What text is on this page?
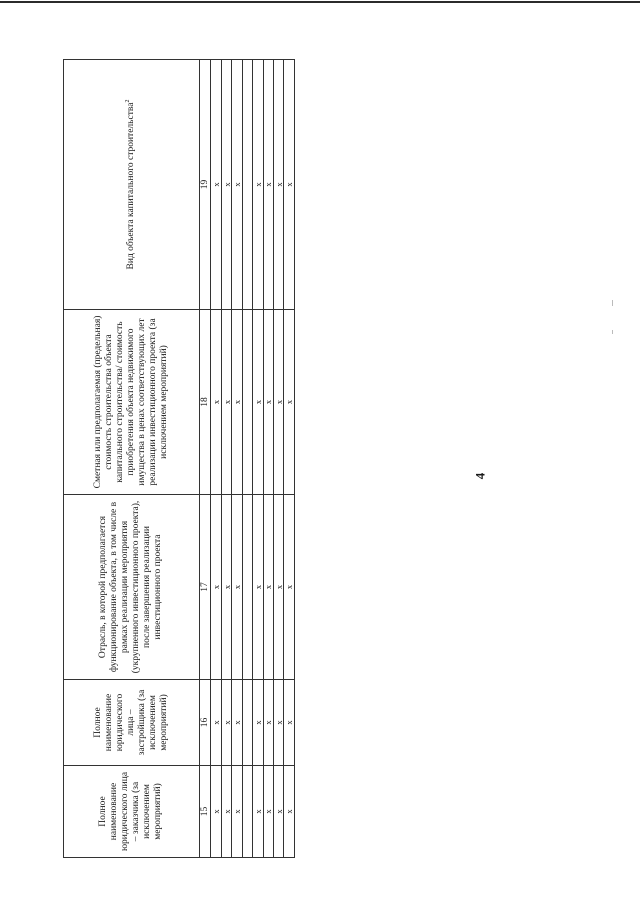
4
Полное наименование юридического лица – заказчика (за исключением мероприятий)	Полное наименование юридического лица – застройщика (за исключением мероприятий)	Отрасль, в которой предполагается функционирование объекта, в том числе в рамках реализации мероприятия (укрупненного инвестиционного проекта), после завершения реализации инвестиционного проекта	Сметная или предполагаемая (предельная) стоимость строительства объекта капитального строительства/ стоимость приобретения объекта недвижимого имущества в ценах соответствующих лет реализации инвестиционного проекта (за исключением мероприятий)	Вид объекта капитального строительства$^2$
15	16	17	18	19
х	х	х	х	х
х	х	х	х	х
х	х	х	х	х

х	х	х	х	х
х	х	х	х	х
х	х	х	х	х
х	х	х	х	х
